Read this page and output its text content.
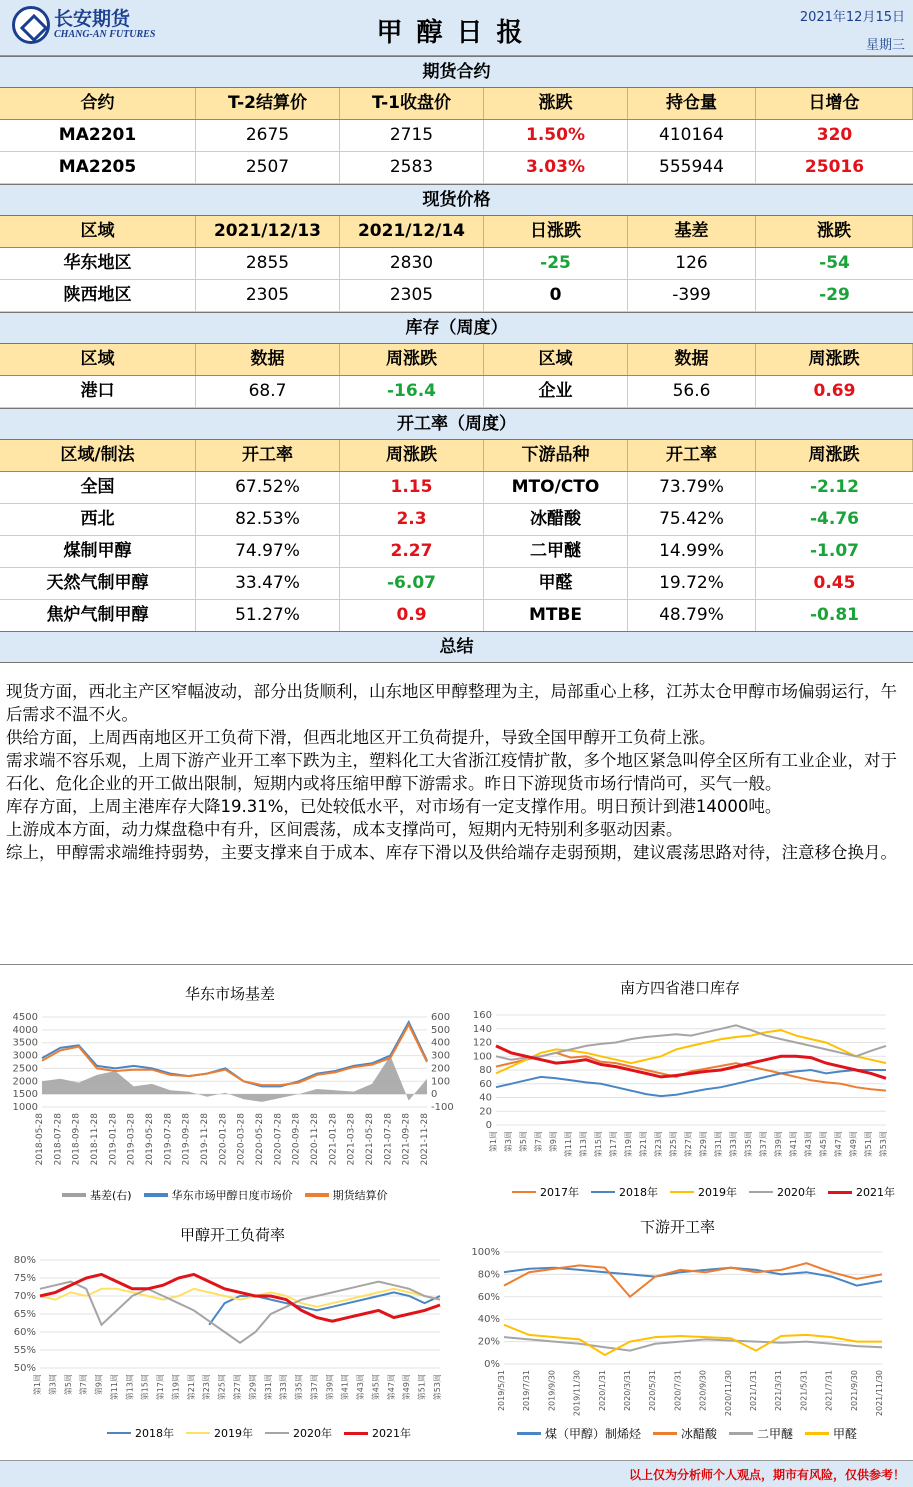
长安期货
CHANG-AN FUTURES	甲醇日报
2021年12月15日
星期三
期货合约
合约	T-2结算价	T-1收盘价	涨跌	持仓量	日增仓
MA2201	2675	2715	1.50%	410164	320
MA2205	2507	2583	3.03%	555944	25016
现货价格
区域	2021/12/13	2021/12/14	日涨跌	基差	涨跌
华东地区	2855	2830	-25	126	-54
陕西地区	2305	2305	0	-399	-29
库存（周度）
区域	数据	周涨跌	区域	数据	周涨跌
港口	68.7	-16.4	企业	56.6	0.69
开工率（周度）
区域/制法	开工率	周涨跌	下游品种	开工率	周涨跌
全国	67.52%	1.15	MTO/CTO	73.79%	-2.12
西北	82.53%	2.3	冰醋酸	75.42%	-4.76
煤制甲醇	74.97%	2.27	二甲醚	14.99%	-1.07
天然气制甲醇	33.47%	-6.07	甲醛	19.72%	0.45
焦炉气制甲醇	51.27%	0.9	MTBE	48.79%	-0.81
总结

现货方面，西北主产区窄幅波动，部分出货顺利，山东地区甲醇整理为主，局部重心上移，江苏太仓甲醇市场偏弱运行，午后需求不温不火。

供给方面，上周西南地区开工负荷下滑，但西北地区开工负荷提升，导致全国甲醇开工负荷上涨。

需求端不容乐观，上周下游产业开工率下跌为主，塑料化工大省浙江疫情扩散，多个地区紧急叫停全区所有工业企业，对于石化、危化企业的开工做出限制，短期内或将压缩甲醇下游需求。昨日下游现货市场行情尚可，买气一般。

库存方面，上周主港库存大降19.31%，已处较低水平，对市场有一定支撑作用。明日预计到港14000吨。

上游成本方面，动力煤盘稳中有升，区间震荡，成本支撑尚可，短期内无特别利多驱动因素。

综上，甲醇需求端维持弱势，主要支撑来自于成本、库存下滑以及供给端存走弱预期，建议震荡思路对待，注意移仓换月。

华东市场基差
4500
4000
3500
3000
2500
2000
1500
1000
600
500
400
300
200
100
0
-100
2018-05-28 2018-07-28 2018-09-28 2018-11-28 2019-01-28 2019-03-28 2019-05-28 2019-07-28 2019-09-28 2019-11-28 2020-01-28 2020-03-28 2020-05-28 2020-07-28 2020-09-28 2020-11-28 2021-01-28 2021-03-28 2021-05-28 2021-07-28 2021-09-28 2021-11-28
基差(右)	华东市场甲醇日度市场价	期货结算价
南方四省港口库存
160
140
120
100
80
60
40
20
0
第1周 第3周 第5周 第7周 第9周 第11周 第13周 第15周 第17周 第19周 第21周 第23周 第25周 第27周 第29周 第31周 第33周 第35周 第37周 第39周 第41周 第43周 第45周 第47周 第49周 第51周 第53周
2017年	2018年	2019年	2020年	2021年
甲醇开工负荷率
80%
75%
70%
65%
60%
55%
50%
第1周 第3周 第5周 第7周 第9周 第11周 第13周 第15周 第17周 第19周 第21周 第23周 第25周 第27周 第29周 第31周 第33周 第35周 第37周 第39周 第41周 第43周 第45周 第47周 第49周 第51周 第53周
2018年	2019年	2020年	2021年
下游开工率
100%
80%
60%
40%
20%
0%
2019/5/31 2019/7/31 2019/9/30 2019/11/30 2020/1/31 2020/3/31 2020/5/31 2020/7/31 2020/9/30 2020/11/30 2021/1/31 2021/3/31 2021/5/31 2021/7/31 2021/9/30 2021/11/30
煤（甲醇）制烯烃	冰醋酸	二甲醚	甲醛
以上仅为分析师个人观点，期市有风险，仅供参考！
